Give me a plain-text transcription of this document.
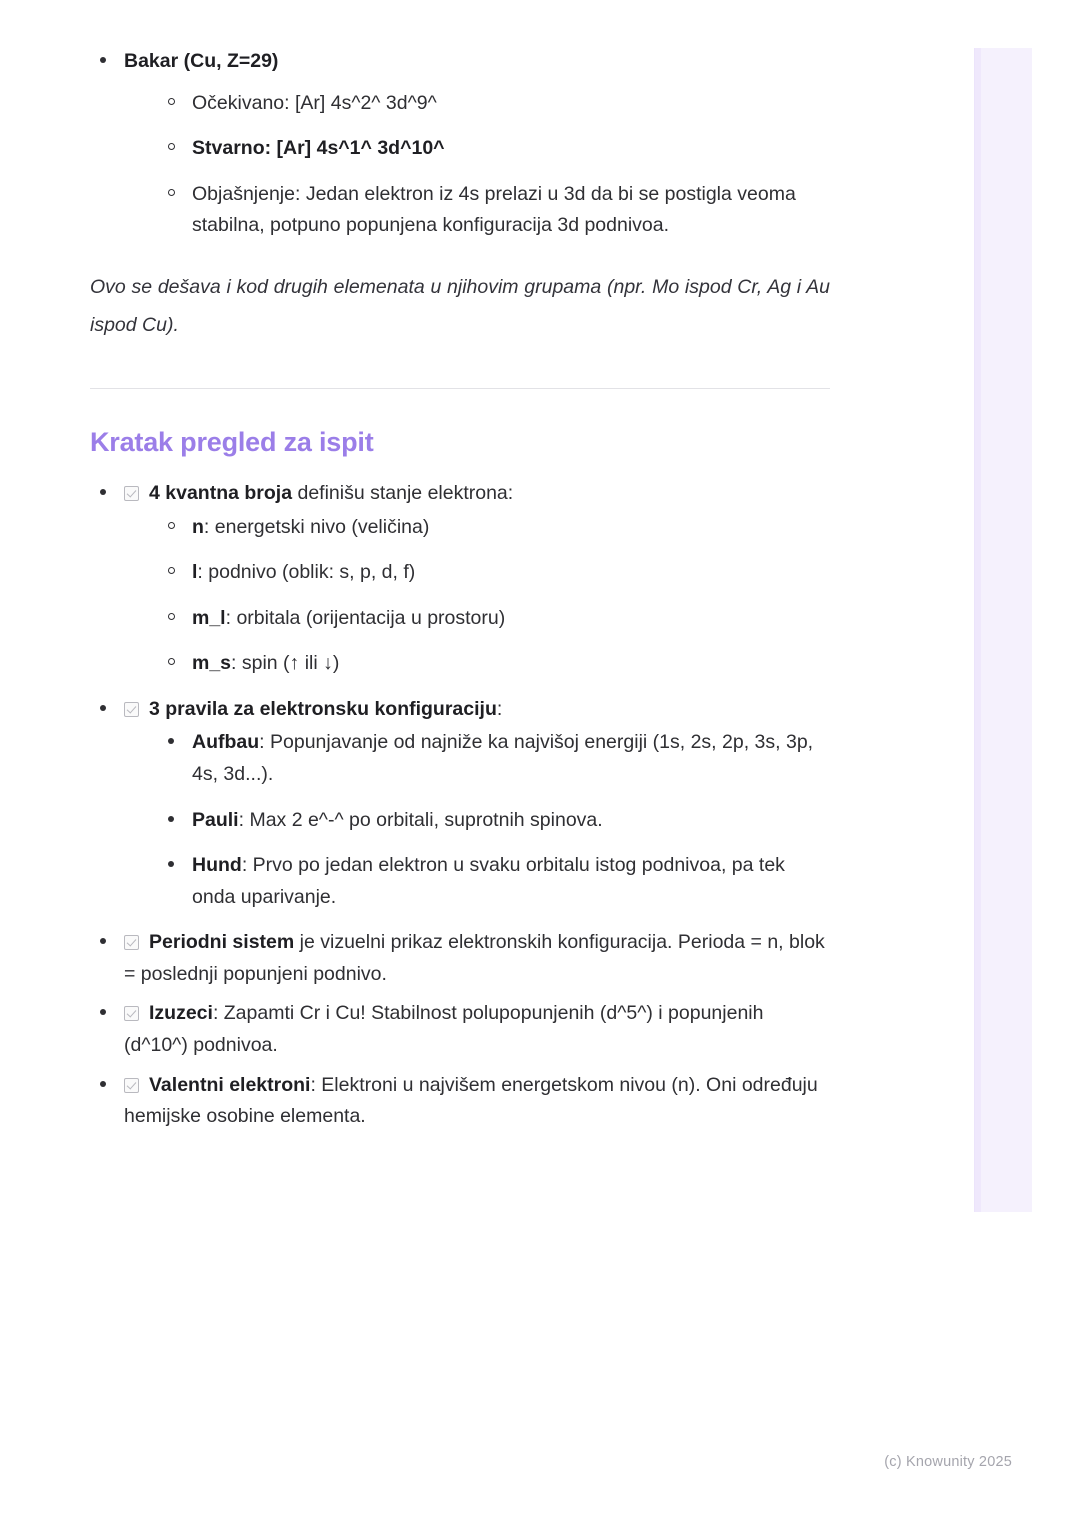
Bakar (Cu, Z=29)
Očekivano: [Ar] 4s^2^ 3d^9^
Stvarno: [Ar] 4s^1^ 3d^10^
Objašnjenje: Jedan elektron iz 4s prelazi u 3d da bi se postigla veoma stabilna, potpuno popunjena konfiguracija 3d podnivoa.

Ovo se dešava i kod drugih elemenata u njihovim grupama (npr. Mo ispod Cr, Ag i Au ispod Cu).

Kratak pregled za ispit
4 kvantna broja definišu stanje elektrona:
n: energetski nivo (veličina)
l: podnivo (oblik: s, p, d, f)
m_l: orbitala (orijentacija u prostoru)
m_s: spin (↑ ili ↓)
3 pravila za elektronsku konfiguraciju:
Aufbau: Popunjavanje od najniže ka najvišoj energiji (1s, 2s, 2p, 3s, 3p, 4s, 3d...).
Pauli: Max 2 e^-^ po orbitali, suprotnih spinova.
Hund: Prvo po jedan elektron u svaku orbitalu istog podnivoa, pa tek onda uparivanje.
Periodni sistem je vizuelni prikaz elektronskih konfiguracija. Perioda = n, blok = poslednji popunjeni podnivo.
Izuzeci: Zapamti Cr i Cu! Stabilnost polupopunjenih (d^5^) i popunjenih (d^10^) podnivoa.
Valentni elektroni: Elektroni u najvišem energetskom nivou (n). Oni određuju hemijske osobine elementa.
(c) Knowunity 2025
